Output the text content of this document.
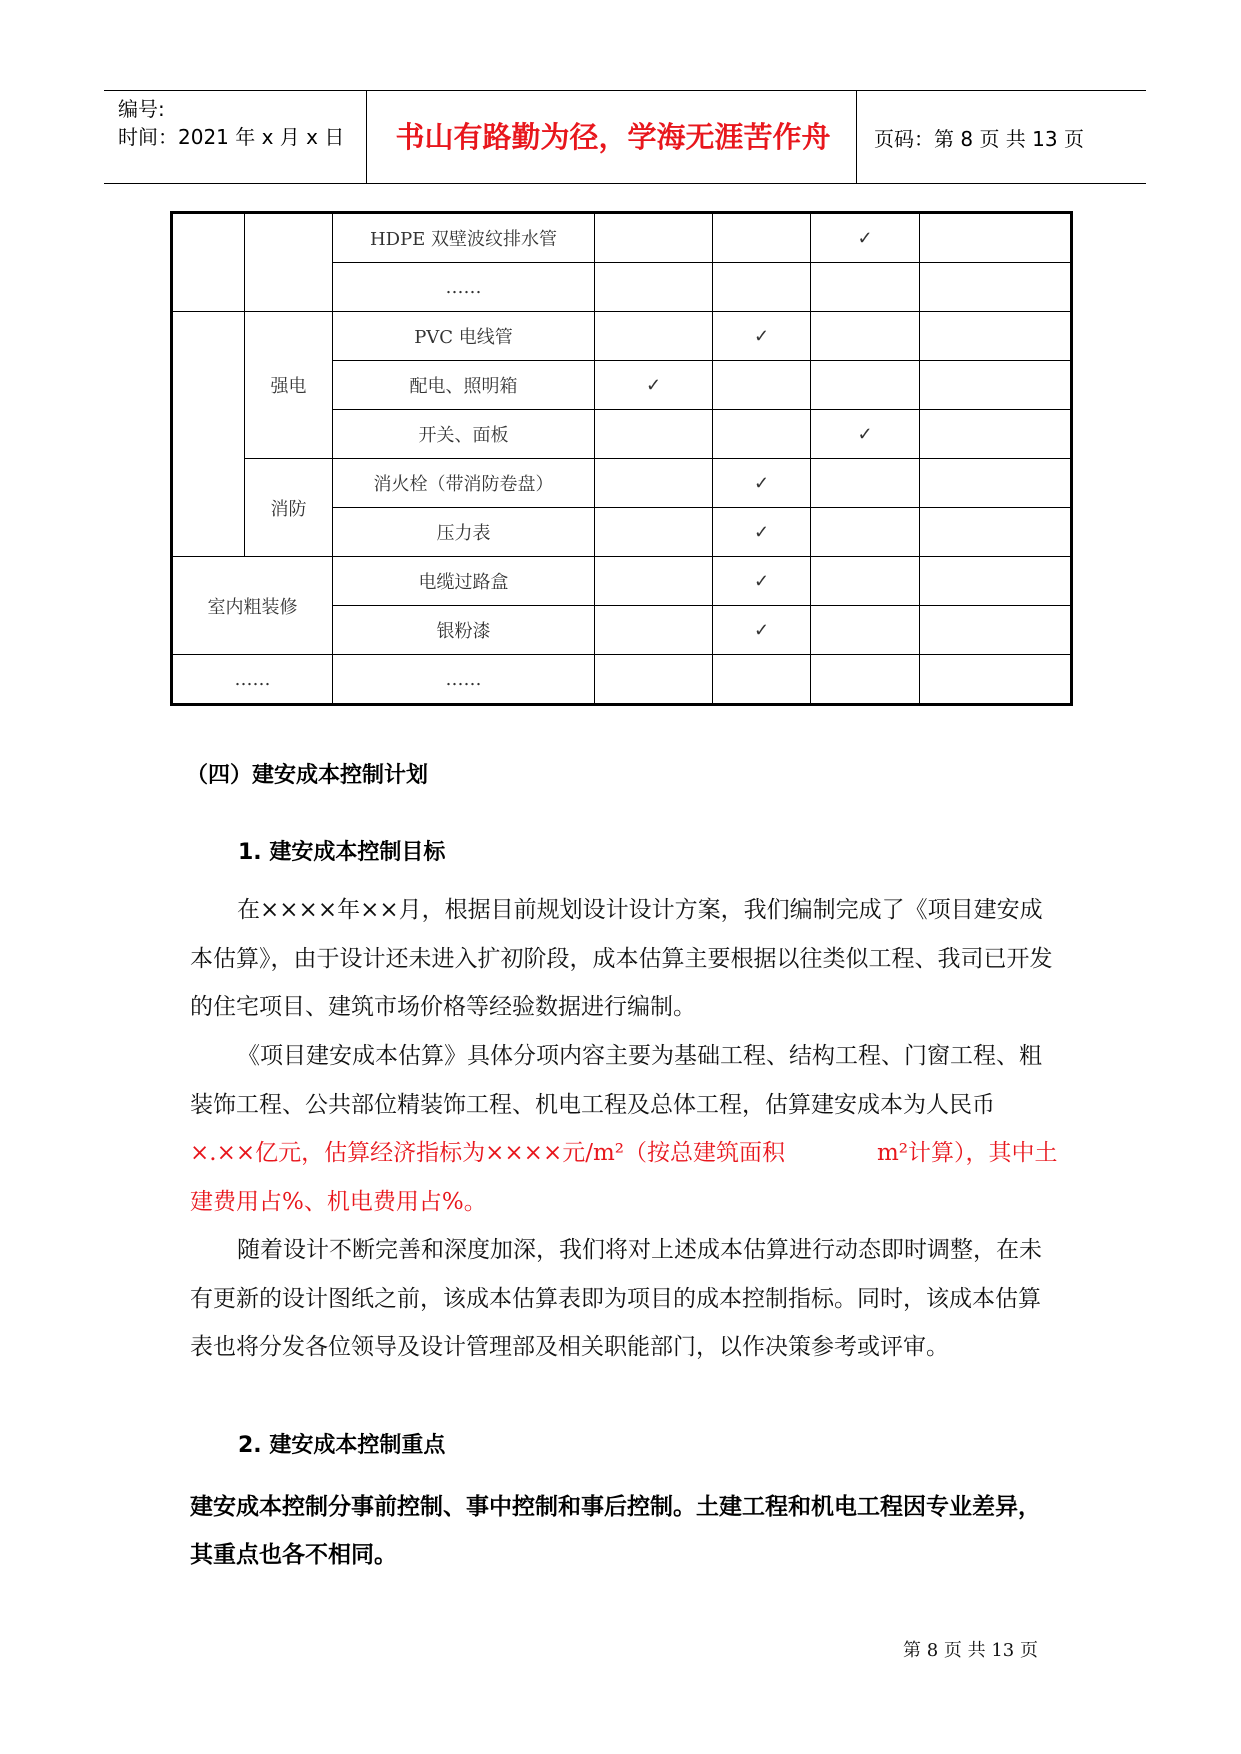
编号:
时间：2021 年 x 月 x 日	书山有路勤为径，学海无涯苦作舟	页码：第 8 页 共 13 页
		HDPE 双壁波纹排水管			✓	
		……				
	强电	PVC 电线管		✓		
		配电、照明箱	✓			
		开关、面板			✓	
	消防	消火栓（带消防卷盘）		✓		
		压力表		✓		
室内粗装修		电缆过路盒		✓		
		银粉漆		✓		
……		……				
（四）建安成本控制计划
1. 建安成本控制目标
在××××年××月，根据目前规划设计设计方案，我们编制完成了《项目建安成本估算》，由于设计还未进入扩初阶段，成本估算主要根据以往类似工程、我司已开发的住宅项目、建筑市场价格等经验数据进行编制。
《项目建安成本估算》具体分项内容主要为基础工程、结构工程、门窗工程、粗装饰工程、公共部位精装饰工程、机电工程及总体工程，估算建安成本为人民币×.××亿元，估算经济指标为××××元/m²（按总建筑面积　　　　m²计算），其中土建费用占%、机电费用占%。
随着设计不断完善和深度加深，我们将对上述成本估算进行动态即时调整，在未有更新的设计图纸之前，该成本估算表即为项目的成本控制指标。同时，该成本估算表也将分发各位领导及设计管理部及相关职能部门，以作决策参考或评审。
2. 建安成本控制重点
建安成本控制分事前控制、事中控制和事后控制。土建工程和机电工程因专业差异，其重点也各不相同。
第 8 页 共 13 页
